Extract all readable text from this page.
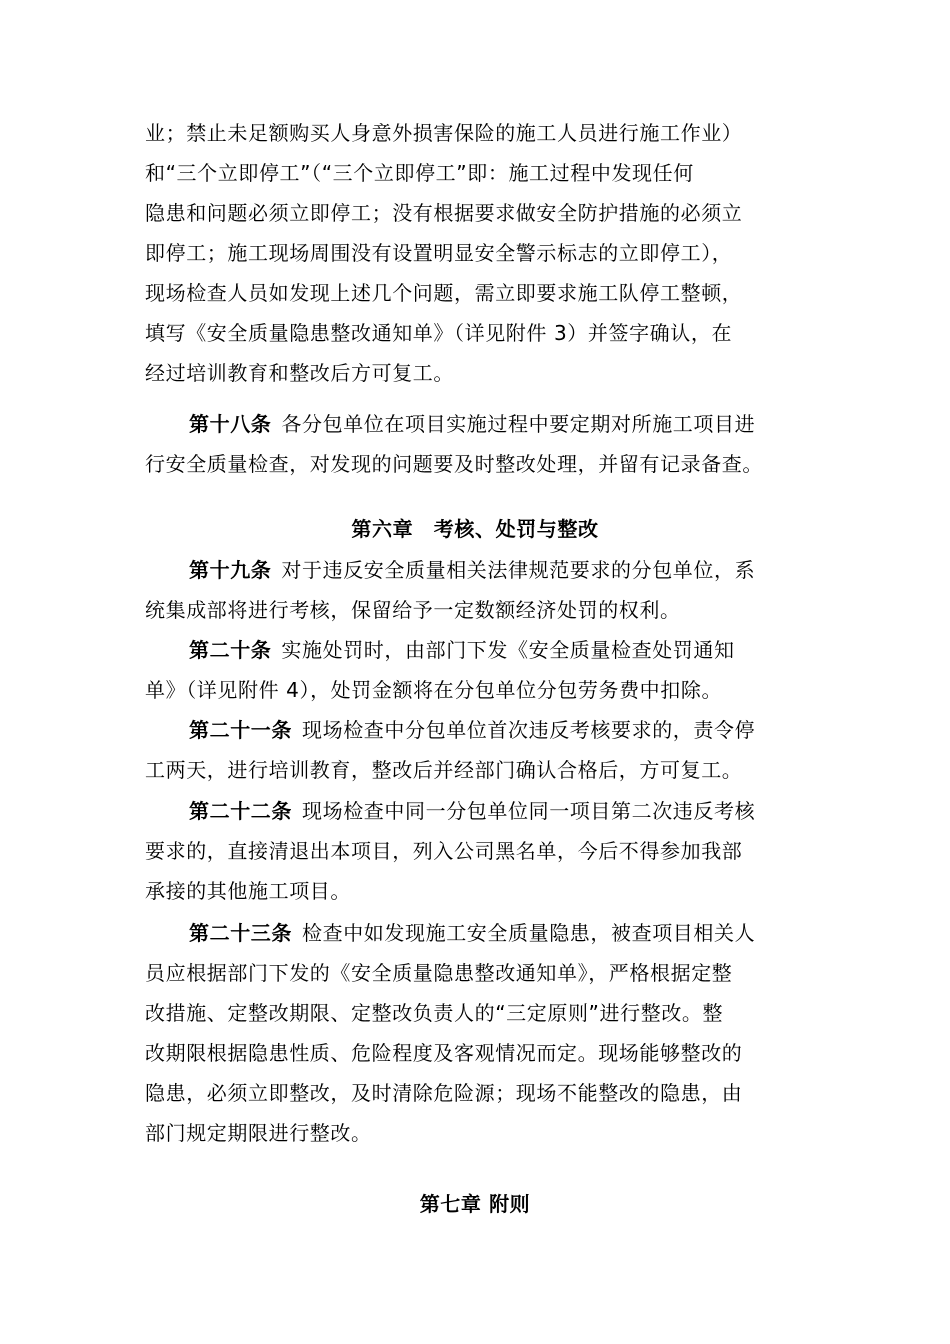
业；禁止未足额购买人身意外损害保险的施工人员进行施工作业）
和“三个立即停工”（“三个立即停工”即：施工过程中发现任何
隐患和问题必须立即停工；没有根据要求做安全防护措施的必须立
即停工；施工现场周围没有设置明显安全警示标志的立即停工），
现场检查人员如发现上述几个问题，需立即要求施工队停工整顿，
填写《安全质量隐患整改通知单》（详见附件 3）并签字确认，在
经过培训教育和整改后方可复工。
第十八条 各分包单位在项目实施过程中要定期对所施工项目进
行安全质量检查，对发现的问题要及时整改处理，并留有记录备查。
第六章　考核、处罚与整改
第十九条 对于违反安全质量相关法律规范要求的分包单位，系
统集成部将进行考核，保留给予一定数额经济处罚的权利。
第二十条 实施处罚时，由部门下发《安全质量检查处罚通知
单》（详见附件 4），处罚金额将在分包单位分包劳务费中扣除。
第二十一条 现场检查中分包单位首次违反考核要求的，责令停
工两天，进行培训教育，整改后并经部门确认合格后，方可复工。
第二十二条 现场检查中同一分包单位同一项目第二次违反考核
要求的，直接清退出本项目，列入公司黑名单，今后不得参加我部
承接的其他施工项目。
第二十三条 检查中如发现施工安全质量隐患，被查项目相关人
员应根据部门下发的《安全质量隐患整改通知单》，严格根据定整
改措施、定整改期限、定整改负责人的“三定原则”进行整改。整
改期限根据隐患性质、危险程度及客观情况而定。现场能够整改的
隐患，必须立即整改，及时清除危险源；现场不能整改的隐患，由
部门规定期限进行整改。
第七章 附则
